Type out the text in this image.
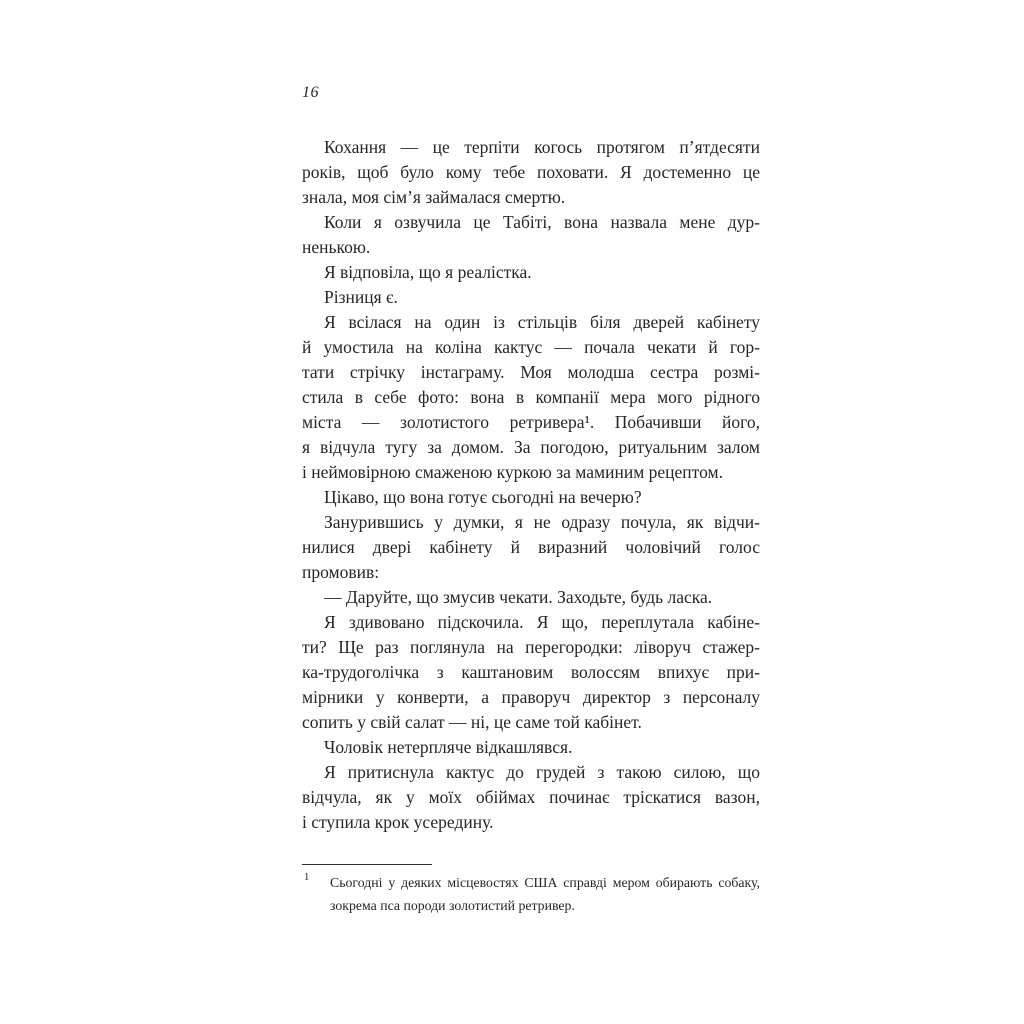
16
Кохання — це терпіти когось протягом п’ятдесяти
років, щоб було кому тебе поховати. Я достеменно це
знала, моя сім’я займалася смертю.
Коли я озвучила це Табіті, вона назвала мене дур-
ненькою.
Я відповіла, що я реалістка.
Різниця є.
Я всілася на один із стільців біля дверей кабінету
й умостила на коліна кактус — почала чекати й гор-
тати стрічку інстаграму. Моя молодша сестра розмі-
стила в себе фото: вона в компанії мера мого рідного
міста — золотистого ретривера¹. Побачивши його,
я відчула тугу за домом. За погодою, ритуальним залом
і неймовірною смаженою куркою за маминим рецептом.
Цікаво, що вона готує сьогодні на вечерю?
Занурившись у думки, я не одразу почула, як відчи-
нилися двері кабінету й виразний чоловічий голос
промовив:
— Даруйте, що змусив чекати. Заходьте, будь ласка.
Я здивовано підскочила. Я що, переплутала кабіне-
ти? Ще раз поглянула на перегородки: ліворуч стажер-
ка-трудоголічка з каштановим волоссям впихує при-
мірники у конверти, а праворуч директор з персоналу
сопить у свій салат — ні, це саме той кабінет.
Чоловік нетерпляче відкашлявся.
Я притиснула кактус до грудей з такою силою, що
відчула, як у моїх обіймах починає тріскатися вазон,
і ступила крок усередину.
1 Сьогодні у деяких місцевостях США справді мером обирають собаку,
зокрема пса породи золотистий ретривер.
